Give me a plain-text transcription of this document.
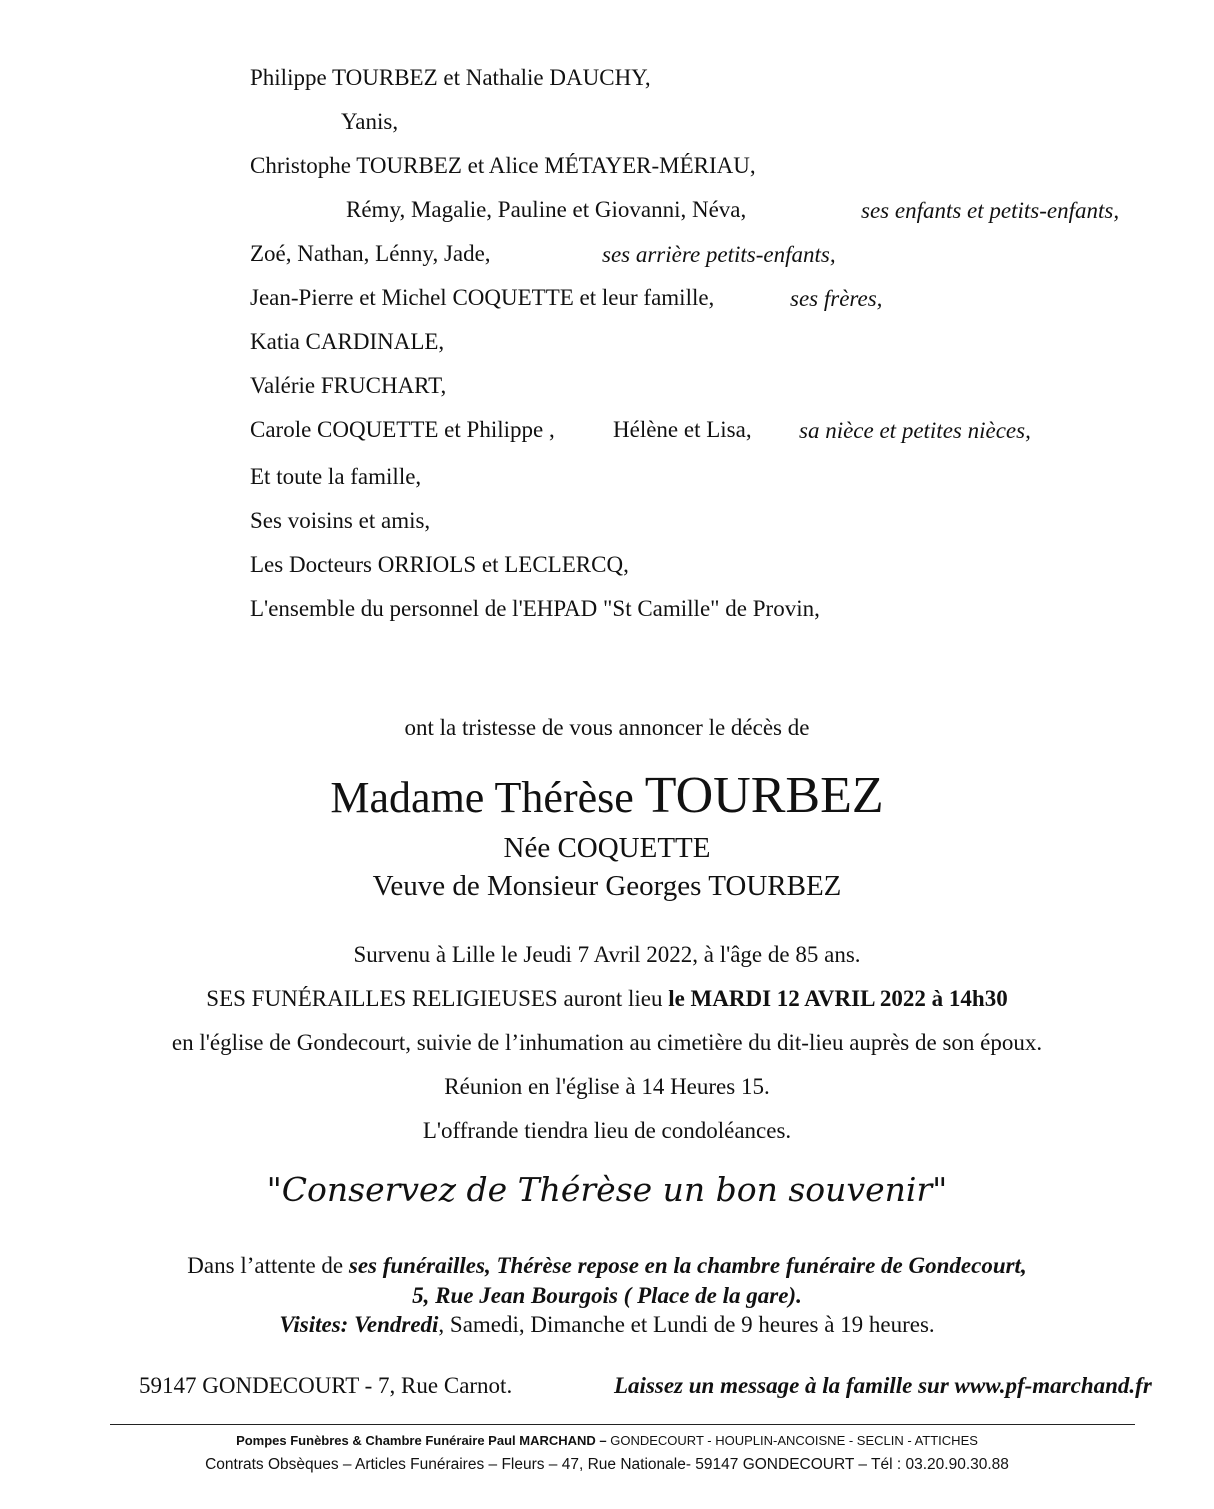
Philippe TOURBEZ et Nathalie DAUCHY,
Yanis,
Christophe TOURBEZ et Alice MÉTAYER-MÉRIAU,
Rémy, Magalie, Pauline et Giovanni, Néva,	ses enfants et petits-enfants,
Zoé, Nathan, Lénny, Jade,	ses arrière petits-enfants,
Jean-Pierre et Michel COQUETTE et leur famille,	ses frères,
Katia CARDINALE,
Valérie FRUCHART,
Carole COQUETTE et Philippe ,	Hélène et Lisa, sa nièce et petites nièces,
Et toute la famille,
Ses voisins et amis,
Les Docteurs ORRIOLS et LECLERCQ,
L'ensemble du personnel de l'EHPAD "St Camille" de Provin,
ont la tristesse de vous annoncer le décès de
Madame Thérèse TOURBEZ
Née COQUETTE
Veuve de Monsieur Georges TOURBEZ
Survenu à Lille le Jeudi 7 Avril 2022, à l'âge de 85 ans.
SES FUNÉRAILLES RELIGIEUSES auront lieu le MARDI 12 AVRIL 2022 à 14h30
en l'église de Gondecourt, suivie de l’inhumation au cimetière du dit-lieu auprès de son époux.
Réunion en l'église à 14 Heures 15.
L'offrande tiendra lieu de condoléances.
"Conservez de Thérèse un bon souvenir"
Dans l’attente de ses funérailles, Thérèse repose en la chambre funéraire de Gondecourt,
5, Rue Jean Bourgois ( Place de la gare).
Visites: Vendredi, Samedi, Dimanche et Lundi de 9 heures à 19 heures.
59147 GONDECOURT - 7, Rue Carnot.	Laissez un message à la famille sur www.pf-marchand.fr
Pompes Funèbres & Chambre Funéraire Paul MARCHAND – GONDECOURT - HOUPLIN-ANCOISNE - SECLIN - ATTICHES
Contrats Obsèques – Articles Funéraires – Fleurs – 47, Rue Nationale- 59147 GONDECOURT – Tél : 03.20.90.30.88
